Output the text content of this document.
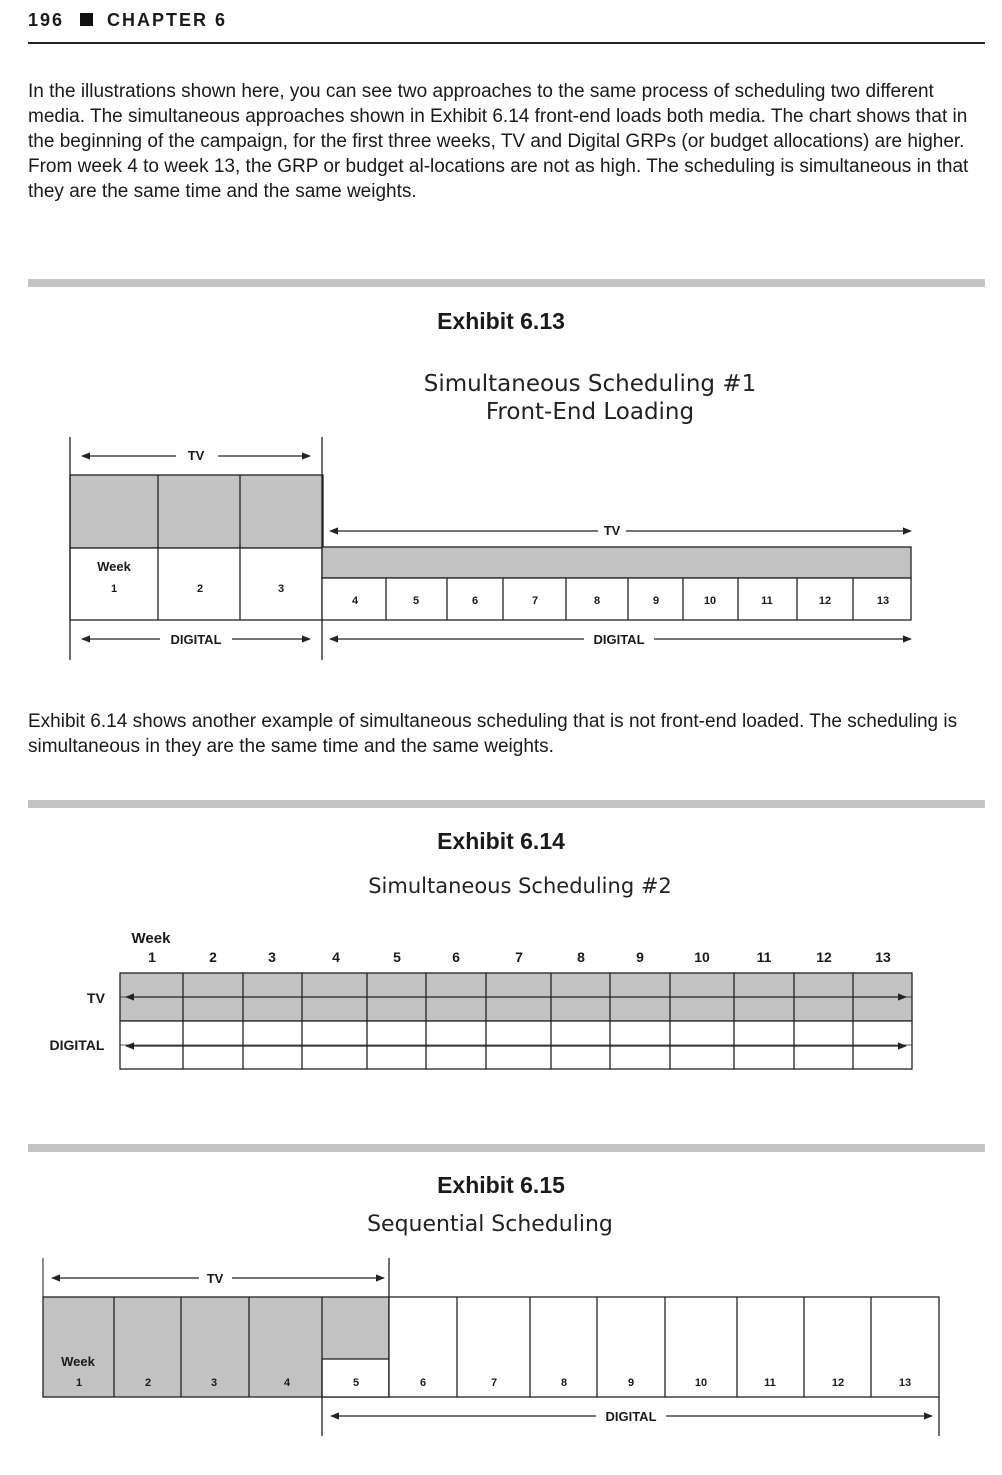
196 CHAPTER 6
In the illustrations shown here, you can see two approaches to the same process of scheduling two different media. The simultaneous approaches shown in Exhibit 6.14 front-end loads both media. The chart shows that in the beginning of the campaign, for the first three weeks, TV and Digital GRPs (or budget allocations) are higher. From week 4 to week 13, the GRP or budget al-locations are not as high. The scheduling is simultaneous in that they are the same time and the same weights.
Exhibit 6.13
Simultaneous Scheduling #1
Front-End Loading
TV
TV
DIGITAL	DIGITAL
Week
1	2	3
4	5	6	7	8	9	10	11	12	13
Exhibit 6.14 shows another example of simultaneous scheduling that is not front-end loaded. The scheduling is simultaneous in they are the same time and the same weights.
Exhibit 6.14
Simultaneous Scheduling #2
TV
DIGITAL
Week
1	2	3	4	5	6	7	8	9	10	11	12	13
Exhibit 6.15
Sequential Scheduling
TV
DIGITAL
Week
1	2	3	4	5	6	7	8	9	10	11	12	13
